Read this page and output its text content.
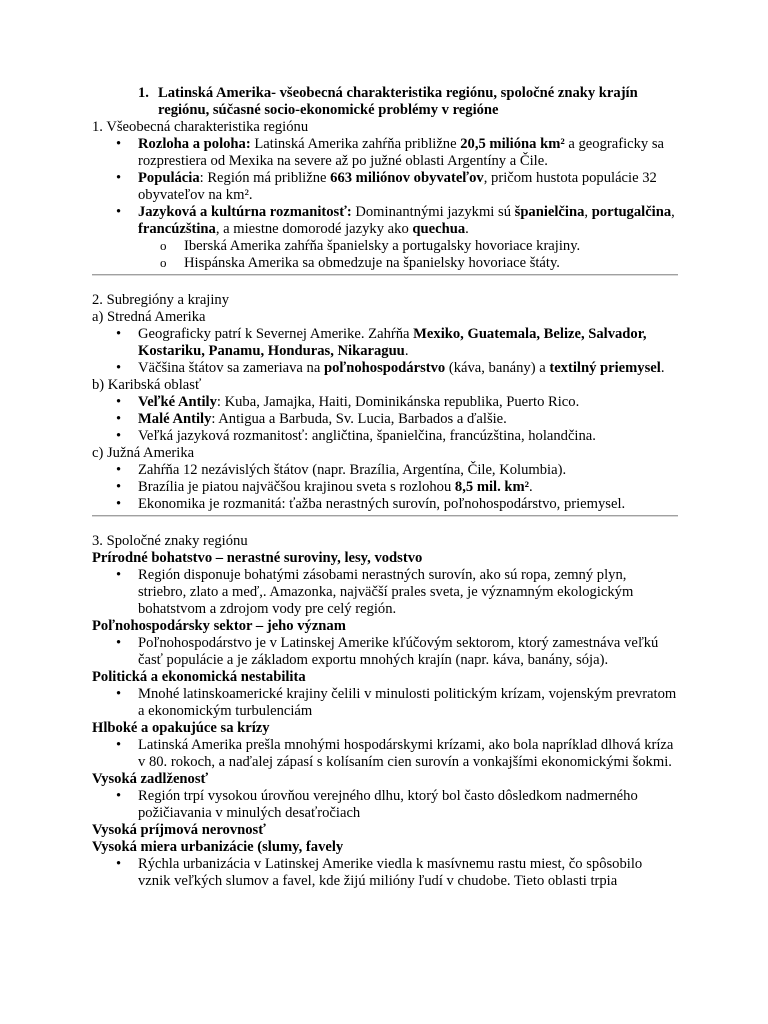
1. Latinská Amerika- všeobecná charakteristika regiónu, spoločné znaky krajín
regiónu, súčasné socio-ekonomické problémy v regióne
1. Všeobecná charakteristika regiónu
• Rozloha a poloha: Latinská Amerika zahŕňa približne 20,5 milióna km² a geograficky sa rozprestiera od Mexika na severe až po južné oblasti Argentíny a Čile.
• Populácia: Región má približne 663 miliónov obyvateľov, pričom hustota populácie 32 obyvateľov na km².
• Jazyková a kultúrna rozmanitosť: Dominantnými jazykmi sú španielčina, portugalčina, francúzština, a miestne domorodé jazyky ako quechua.
o Iberská Amerika zahŕňa španielsky a portugalsky hovoriace krajiny.
o Hispánska Amerika sa obmedzuje na španielsky hovoriace štáty.
2. Subregióny a krajiny
a) Stredná Amerika
• Geograficky patrí k Severnej Amerike. Zahŕňa Mexiko, Guatemala, Belize, Salvador, Kostariku, Panamu, Honduras, Nikaraguu.
• Väčšina štátov sa zameriava na poľnohospodárstvo (káva, banány) a textilný priemysel.
b) Karibská oblasť
• Veľké Antily: Kuba, Jamajka, Haiti, Dominikánska republika, Puerto Rico.
• Malé Antily: Antigua a Barbuda, Sv. Lucia, Barbados a ďalšie.
• Veľká jazyková rozmanitosť: angličtina, španielčina, francúzština, holandčina.
c) Južná Amerika
• Zahŕňa 12 nezávislých štátov (napr. Brazília, Argentína, Čile, Kolumbia).
• Brazília je piatou najväčšou krajinou sveta s rozlohou 8,5 mil. km².
• Ekonomika je rozmanitá: ťažba nerastných surovín, poľnohospodárstvo, priemysel.
3. Spoločné znaky regiónu
Prírodné bohatstvo – nerastné suroviny, lesy, vodstvo
• Región disponuje bohatými zásobami nerastných surovín, ako sú ropa, zemný plyn, striebro, zlato a meď,. Amazonka, najväčší prales sveta, je významným ekologickým bohatstvom a zdrojom vody pre celý región.
Poľnohospodársky sektor – jeho význam
• Poľnohospodárstvo je v Latinskej Amerike kľúčovým sektorom, ktorý zamestnáva veľkú časť populácie a je základom exportu mnohých krajín (napr. káva, banány, sója).
Politická a ekonomická nestabilita
• Mnohé latinskoamerické krajiny čelili v minulosti politickým krízam, vojenským prevratom a ekonomickým turbulenciám
Hlboké a opakujúce sa krízy
• Latinská Amerika prešla mnohými hospodárskymi krízami, ako bola napríklad dlhová kríza v 80. rokoch, a naďalej zápasí s kolísaním cien surovín a vonkajšími ekonomickými šokmi.
Vysoká zadlženosť
• Región trpí vysokou úrovňou verejného dlhu, ktorý bol často dôsledkom nadmerného požičiavania v minulých desaťročiach
Vysoká príjmová nerovnosť
Vysoká miera urbanizácie (slumy, favely
• Rýchla urbanizácia v Latinskej Amerike viedla k masívnemu rastu miest, čo spôsobilo vznik veľkých slumov a favel, kde žijú milióny ľudí v chudobe. Tieto oblasti trpia
